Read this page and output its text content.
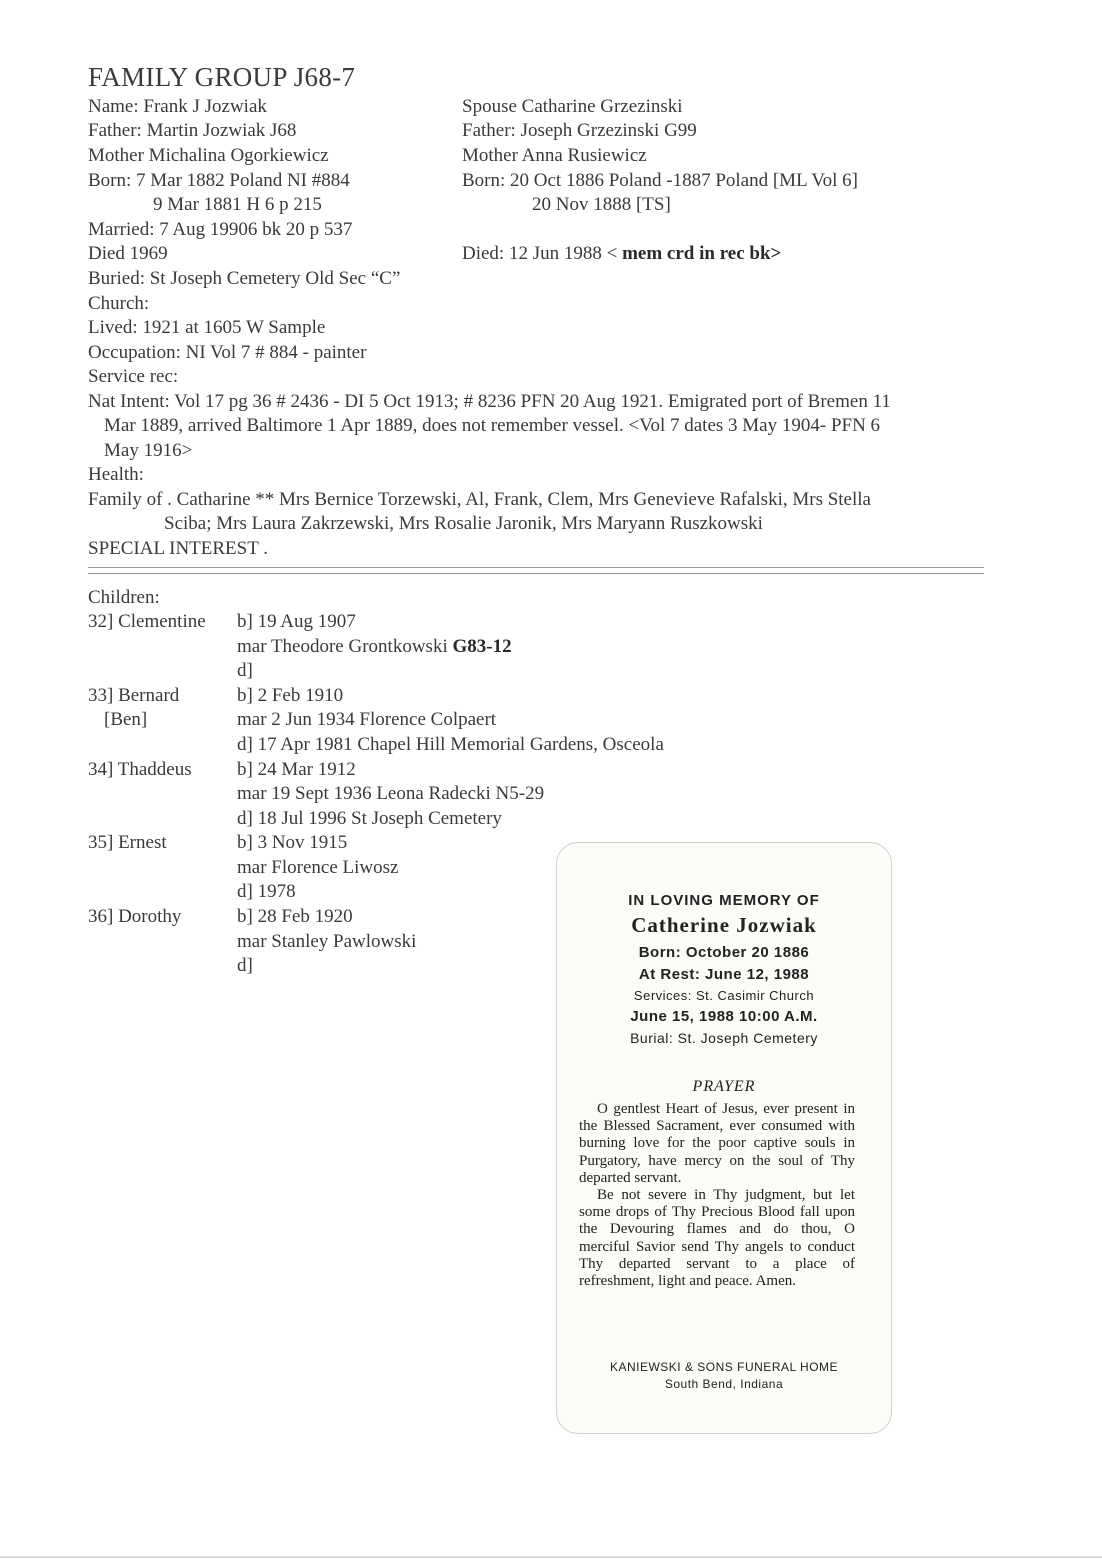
FAMILY GROUP J68-7
Name: Frank J Jozwiak
Father: Martin Jozwiak J68
Mother Michalina Ogorkiewicz
Born: 7 Mar 1882 Poland NI #884
9 Mar 1881 H 6 p 215
Married: 7 Aug 19906 bk 20 p 537
Died 1969
Buried: St Joseph Cemetery Old Sec “C”
Church:
Lived: 1921 at 1605 W Sample
Occupation: NI Vol 7 # 884 - painter
Service rec:
Nat Intent: Vol 17 pg 36 # 2436 - DI 5 Oct 1913; # 8236 PFN 20 Aug 1921. Emigrated port of Bremen 11
Mar 1889, arrived Baltimore 1 Apr 1889, does not remember vessel. <Vol 7 dates 3 May 1904- PFN 6
May 1916>
Health:
Family of . Catharine ** Mrs Bernice Torzewski, Al, Frank, Clem, Mrs Genevieve Rafalski, Mrs Stella
Sciba; Mrs Laura Zakrzewski, Mrs Rosalie Jaronik, Mrs Maryann Ruszkowski
SPECIAL INTEREST .
Spouse Catharine Grzezinski
Father: Joseph Grzezinski G99
Mother Anna Rusiewicz
Born: 20 Oct 1886 Poland -1887 Poland [ML Vol 6]
20 Nov 1888 [TS]
Died: 12 Jun 1988 < mem crd in rec bk>
Children:
32] Clementine b] 19 Aug 1907
mar Theodore Grontkowski G83-12
d]
33] Bernard
[Ben]
b] 2 Feb 1910
mar 2 Jun 1934 Florence Colpaert
d] 17 Apr 1981 Chapel Hill Memorial Gardens, Osceola
34] Thaddeus b] 24 Mar 1912
mar 19 Sept 1936 Leona Radecki N5-29
d] 18 Jul 1996 St Joseph Cemetery
35] Ernest	b] 3 Nov 1915
mar Florence Liwosz
d] 1978
36] Dorothy	b] 28 Feb 1920
mar Stanley Pawlowski
d]
IN LOVING MEMORY OF
Catherine Jozwiak
Born: October 20 1886
At Rest: June 12, 1988
Services: St. Casimir Church
June 15, 1988 10:00 A.M.
Burial: St. Joseph Cemetery
PRAYER

O gentlest Heart of Jesus, ever present in the Blessed Sacrament, ever consumed with burning love for the poor captive souls in Purgatory, have mercy on the soul of Thy departed servant.

Be not severe in Thy judgment, but let some drops of Thy Precious Blood fall upon the Devouring flames and do thou, O merciful Savior send Thy angels to conduct Thy departed servant to a place of refreshment, light and peace. Amen.

KANIEWSKI & SONS FUNERAL HOME
South Bend, Indiana
